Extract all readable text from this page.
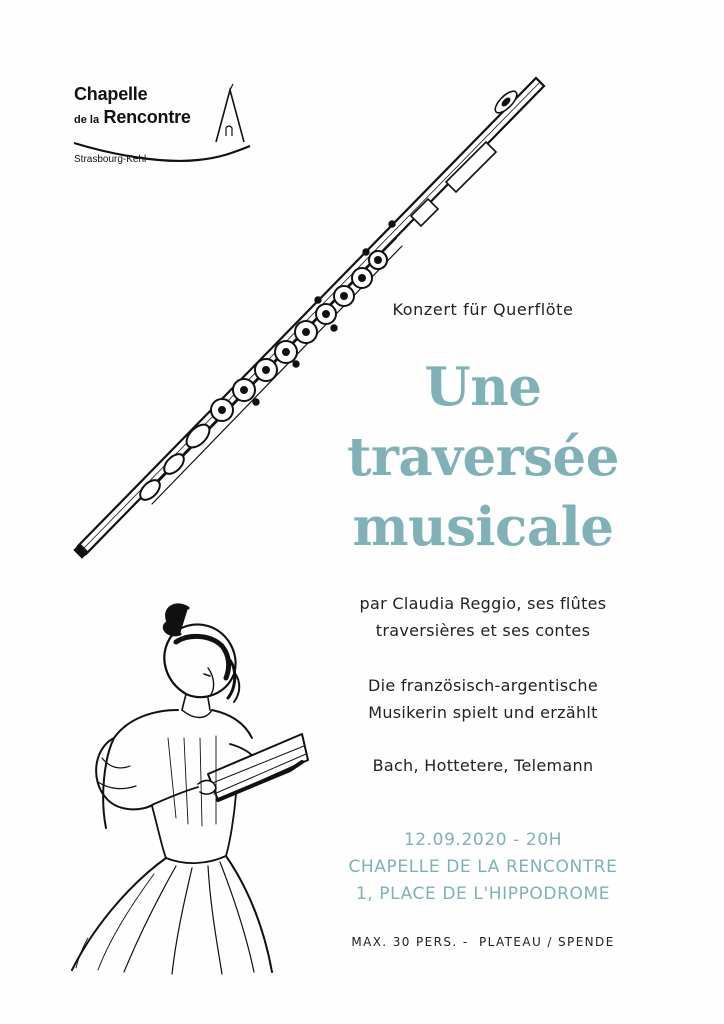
Chapelle
de la Rencontre
Strasbourg-Kehl
Konzert für Querflöte
Une
traversée
musicale
par Claudia Reggio, ses flûtes
traversières et ses contes
Die französisch-argentische
Musikerin spielt und erzählt
Bach, Hottetere, Telemann
12.09.2020 - 20H
CHAPELLE DE LA RENCONTRE
1, PLACE DE L'HIPPODROME
MAX. 30 PERS. -  PLATEAU / SPENDE
